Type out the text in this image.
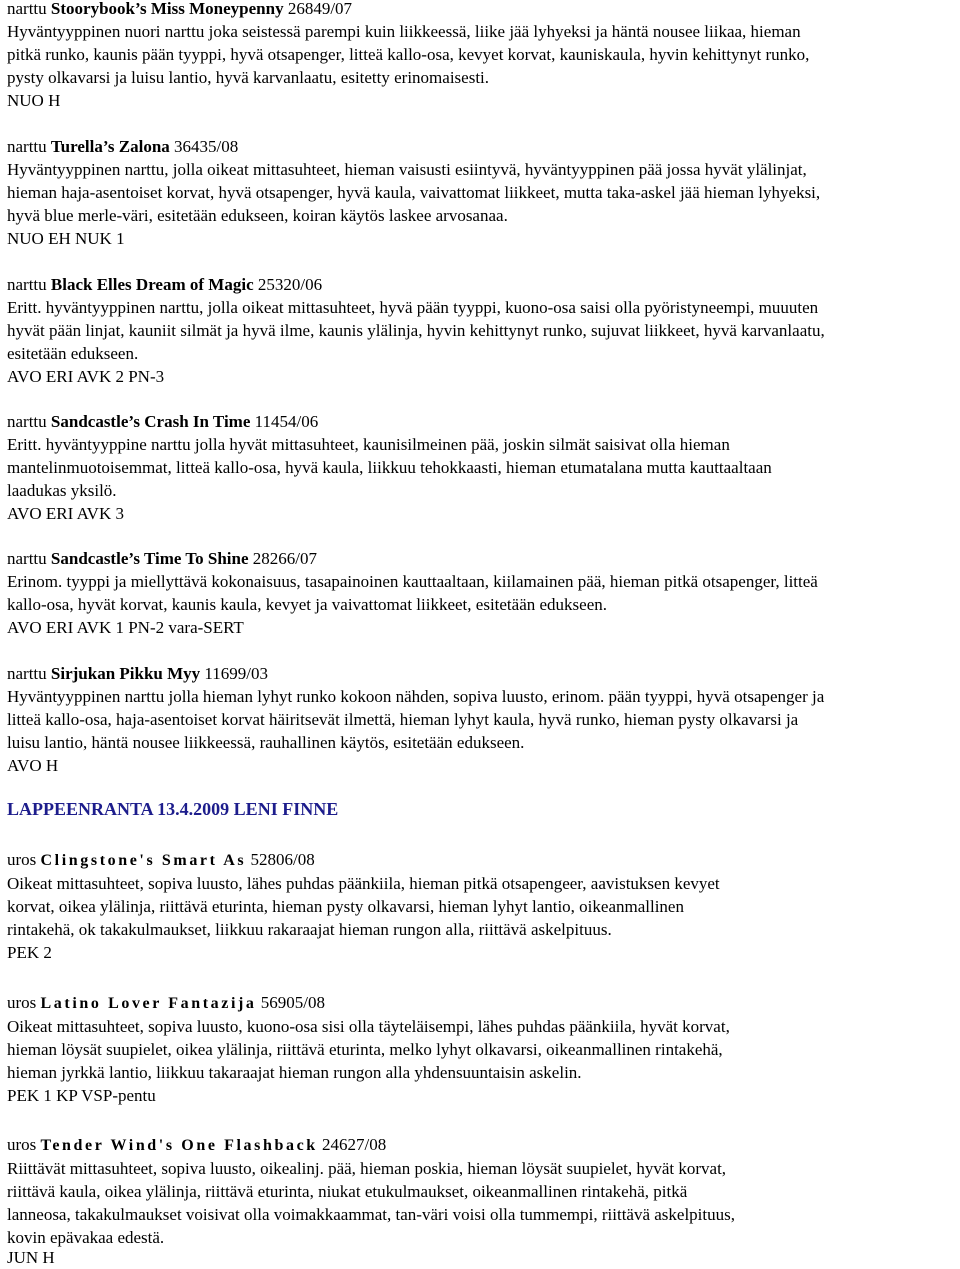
narttu Stoorybook’s Miss Moneypenny 26849/07
Hyväntyyppinen nuori narttu joka seistessä parempi kuin liikkeessä, liike jää lyhyeksi ja häntä nousee liikaa, hieman
pitkä runko, kaunis pään tyyppi, hyvä otsapenger, litteä kallo-osa, kevyet korvat, kauniskaula, hyvin kehittynyt runko,
pysty olkavarsi ja luisu lantio, hyvä karvanlaatu, esitetty erinomaisesti.
NUO H
narttu Turella’s Zalona 36435/08
Hyväntyyppinen narttu, jolla oikeat mittasuhteet, hieman vaisusti esiintyvä, hyväntyyppinen pää jossa hyvät ylälinjat,
hieman haja-asentoiset korvat, hyvä otsapenger, hyvä kaula, vaivattomat liikkeet, mutta taka-askel jää hieman lyhyeksi,
hyvä blue merle-väri, esitetään edukseen, koiran käytös laskee arvosanaa.
NUO EH NUK 1
narttu Black Elles Dream of Magic 25320/06
Eritt. hyväntyyppinen narttu, jolla oikeat mittasuhteet, hyvä pään tyyppi, kuono-osa saisi olla pyöristyneempi, muuuten
hyvät pään linjat, kauniit silmät ja hyvä ilme, kaunis ylälinja, hyvin kehittynyt runko, sujuvat liikkeet, hyvä karvanlaatu,
esitetään edukseen.
AVO ERI AVK 2 PN-3
narttu Sandcastle’s Crash In Time 11454/06
Eritt. hyväntyyppine narttu jolla hyvät mittasuhteet, kaunisilmeinen pää, joskin silmät saisivat olla hieman
mantelinmuotoisemmat, litteä kallo-osa, hyvä kaula, liikkuu tehokkaasti, hieman etumatalana mutta kauttaaltaan
laadukas yksilö.
AVO ERI AVK 3
narttu Sandcastle’s Time To Shine 28266/07
Erinom. tyyppi ja miellyttävä kokonaisuus, tasapainoinen kauttaaltaan, kiilamainen pää, hieman pitkä otsapenger, litteä
kallo-osa, hyvät korvat, kaunis kaula, kevyet ja vaivattomat liikkeet, esitetään edukseen.
AVO ERI AVK 1 PN-2 vara-SERT
narttu Sirjukan Pikku Myy 11699/03
Hyväntyyppinen narttu jolla hieman lyhyt runko kokoon nähden, sopiva luusto, erinom. pään tyyppi, hyvä otsapenger ja
litteä kallo-osa, haja-asentoiset korvat häiritsevät ilmettä, hieman lyhyt kaula, hyvä runko, hieman pysty olkavarsi ja
luisu lantio, häntä nousee liikkeessä, rauhallinen käytös, esitetään edukseen.
AVO H
LAPPEENRANTA 13.4.2009 LENI FINNE
uros Clingstone's Smart As 52806/08
Oikeat mittasuhteet, sopiva luusto, lähes puhdas päänkiila, hieman pitkä otsapengeer, aavistuksen kevyet
korvat, oikea ylälinja, riittävä eturinta, hieman pysty olkavarsi, hieman lyhyt lantio, oikeanmallinen
rintakehä, ok takakulmaukset, liikkuu rakaraajat hieman rungon alla, riittävä askelpituus.
PEK 2
uros Latino Lover Fantazija 56905/08
Oikeat mittasuhteet, sopiva luusto, kuono-osa sisi olla täyteläisempi, lähes puhdas päänkiila, hyvät korvat,
hieman löysät suupielet, oikea ylälinja, riittävä eturinta, melko lyhyt olkavarsi, oikeanmallinen rintakehä,
hieman jyrkkä lantio, liikkuu takaraajat hieman rungon alla yhdensuuntaisin askelin.
PEK 1 KP VSP-pentu
uros Tender Wind's One Flashback 24627/08
Riittävät mittasuhteet, sopiva luusto, oikealinj. pää, hieman poskia, hieman löysät suupielet, hyvät korvat,
riittävä kaula, oikea ylälinja, riittävä eturinta, niukat etukulmaukset, oikeanmallinen rintakehä, pitkä
lanneosa, takakulmaukset voisivat olla voimakkaammat, tan-väri voisi olla tummempi, riittävä askelpituus,
kovin epävakaa edestä.
JUN H
